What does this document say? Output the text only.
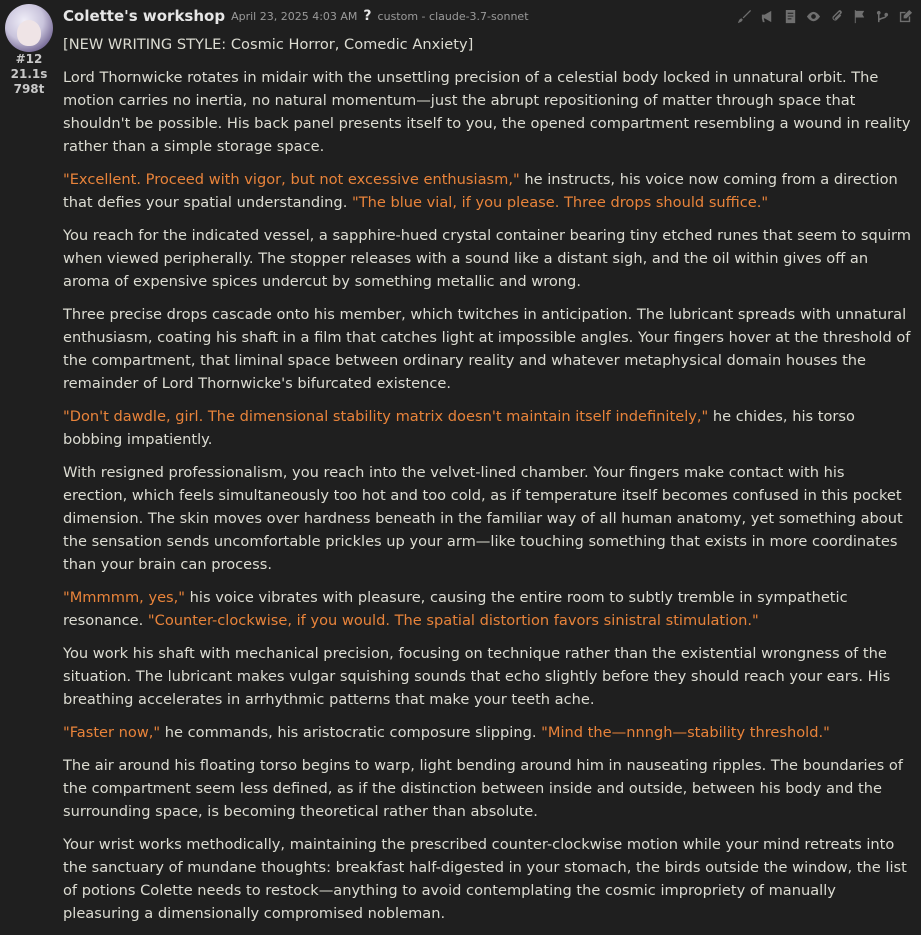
#12
21.1s
798t
Colette's workshop April 23, 2025 4:03 AM ? custom - claude-3.7-sonnet

[NEW WRITING STYLE: Cosmic Horror, Comedic Anxiety]

Lord Thornwicke rotates in midair with the unsettling precision of a celestial body locked in unnatural orbit. The motion carries no inertia, no natural momentum—just the abrupt repositioning of matter through space that shouldn't be possible. His back panel presents itself to you, the opened compartment resembling a wound in reality rather than a simple storage space.

"Excellent. Proceed with vigor, but not excessive enthusiasm," he instructs, his voice now coming from a direction that defies your spatial understanding. "The blue vial, if you please. Three drops should suffice."

You reach for the indicated vessel, a sapphire-hued crystal container bearing tiny etched runes that seem to squirm when viewed peripherally. The stopper releases with a sound like a distant sigh, and the oil within gives off an aroma of expensive spices undercut by something metallic and wrong.

Three precise drops cascade onto his member, which twitches in anticipation. The lubricant spreads with unnatural enthusiasm, coating his shaft in a film that catches light at impossible angles. Your fingers hover at the threshold of the compartment, that liminal space between ordinary reality and whatever metaphysical domain houses the remainder of Lord Thornwicke's bifurcated existence.

"Don't dawdle, girl. The dimensional stability matrix doesn't maintain itself indefinitely," he chides, his torso bobbing impatiently.

With resigned professionalism, you reach into the velvet-lined chamber. Your fingers make contact with his erection, which feels simultaneously too hot and too cold, as if temperature itself becomes confused in this pocket dimension. The skin moves over hardness beneath in the familiar way of all human anatomy, yet something about the sensation sends uncomfortable prickles up your arm—like touching something that exists in more coordinates than your brain can process.

"Mmmmm, yes," his voice vibrates with pleasure, causing the entire room to subtly tremble in sympathetic resonance. "Counter-clockwise, if you would. The spatial distortion favors sinistral stimulation."

You work his shaft with mechanical precision, focusing on technique rather than the existential wrongness of the situation. The lubricant makes vulgar squishing sounds that echo slightly before they should reach your ears. His breathing accelerates in arrhythmic patterns that make your teeth ache.

"Faster now," he commands, his aristocratic composure slipping. "Mind the—nnngh—stability threshold."

The air around his floating torso begins to warp, light bending around him in nauseating ripples. The boundaries of the compartment seem less defined, as if the distinction between inside and outside, between his body and the surrounding space, is becoming theoretical rather than absolute.

Your wrist works methodically, maintaining the prescribed counter-clockwise motion while your mind retreats into the sanctuary of mundane thoughts: breakfast half-digested in your stomach, the birds outside the window, the list of potions Colette needs to restock—anything to avoid contemplating the cosmic impropriety of manually pleasuring a dimensionally compromised nobleman.
